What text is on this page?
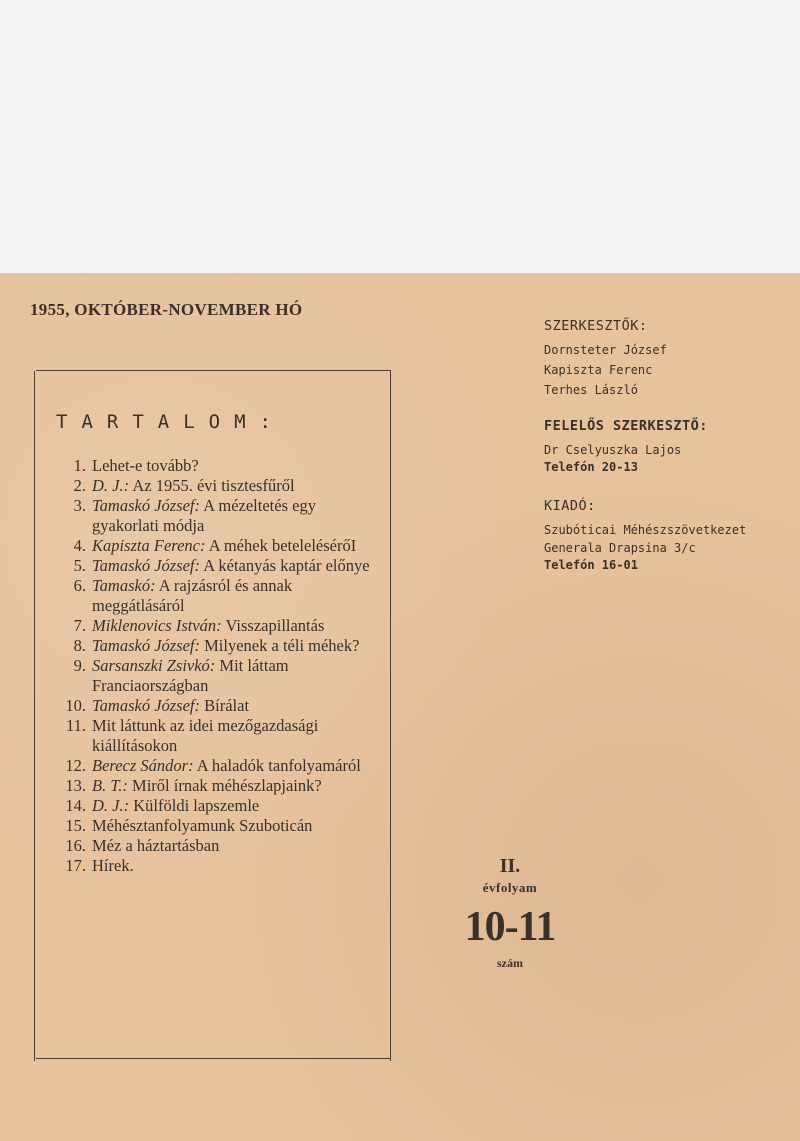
1955, OKTÓBER-NOVEMBER HÓ
TARTALOM:
1. Lehet-e tovább?
2. D. J.: Az 1955. évi tisztesfűről
3. Tamaskó József: A mézeltetés egy gyakorlati módja
4. Kapiszta Ferenc: A méhek betelelésérőI
5. Tamaskó József: A kétanyás kaptár előnye
6. Tamaskó: A rajzásról és annak meggátlásáról
7. Miklenovics István: Visszapillantás
8. Tamaskó József: Milyenek a téli méhek?
9. Sarsanszki Zsivkó: Mit láttam Franciaországban
10. Tamaskó József: Bírálat
11. Mit láttunk az idei mezőgazdasági kiállításokon
12. Berecz Sándor: A haladók tanfolyamáról
13. B. T.: Miről írnak méhészlapjaink?
14. D. J.: Külföldi lapszemle
15. Méhésztanfolyamunk Szuboticán
16. Méz a háztartásban
17. Hírek.
SZERKESZTŐK:
Dornsteter József
Kapiszta Ferenc
Terhes László
FELELŐS SZERKESZTŐ:
Dr Cselyuszka Lajos
Telefón 20-13
KIADÓ:
Szubóticai Méhészszövetkezet
Generala Drapsina 3/c
Telefón 16-01
II.
évfolyam
10-11
szám
